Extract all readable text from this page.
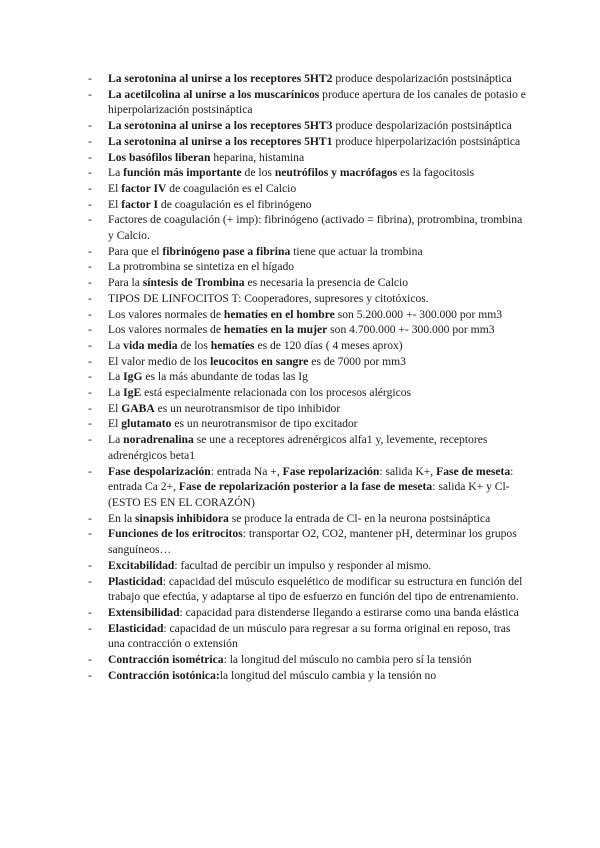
- La serotonina al unirse a los receptores 5HT2 produce despolarización postsináptica
- La acetilcolina al unirse a los muscarínicos produce apertura de los canales de potasio e hiperpolarización postsináptica
- La serotonina al unirse a los receptores 5HT3 produce despolarización postsináptica
- La serotonina al unirse a los receptores 5HT1 produce hiperpolarización postsináptica
- Los basófilos liberan heparina, histamina
- La función más importante de los neutrófilos y macrófagos es la fagocitosis
- El factor IV de coagulación es el Calcio
- El factor I de coagulación es el fibrinógeno
- Factores de coagulación (+ imp): fibrinógeno (activado = fibrina), protrombina, trombina y Calcio.
- Para que el fibrinógeno pase a fibrina tiene que actuar la trombina
- La protrombina se sintetiza en el hígado
- Para la síntesis de Trombina es necesaria la presencia de Calcio
- TIPOS DE LINFOCITOS T: Cooperadores, supresores y citotóxicos.
- Los valores normales de hematíes en el hombre son 5.200.000 +- 300.000 por mm3
- Los valores normales de hematíes en la mujer son 4.700.000 +- 300.000 por mm3
- La vida media de los hematíes es de 120 días ( 4 meses aprox)
- El valor medio de los leucocitos en sangre es de 7000 por mm3
- La IgG es la más abundante de todas las Ig
- La IgE está especialmente relacionada con los procesos alérgicos
- El GABA es un neurotransmisor de tipo inhibidor
- El glutamato es un neurotransmisor de tipo excitador
- La noradrenalina se une a receptores adrenérgicos alfa1 y, levemente, receptores adrenérgicos beta1
- Fase despolarización: entrada Na +, Fase repolarización: salida K+, Fase de meseta: entrada Ca 2+, Fase de repolarización posterior a la fase de meseta: salida K+ y Cl- (ESTO ES EN EL CORAZÓN)
- En la sinapsis inhibidora se produce la entrada de Cl- en la neurona postsináptica
- Funciones de los eritrocitos: transportar O2, CO2, mantener pH, determinar los grupos sanguíneos…
- Excitabilidad: facultad de percibir un impulso y responder al mismo.
- Plasticidad: capacidad del músculo esquelético de modificar su estructura en función del trabajo que efectúa, y adaptarse al tipo de esfuerzo en función del tipo de entrenamiento.
- Extensibilidad: capacidad para distenderse llegando a estirarse como una banda elástica
- Elasticidad: capacidad de un músculo para regresar a su forma original en reposo, tras una contracción o extensión
- Contracción isométrica: la longitud del músculo no cambia pero sí la tensión
- Contracción isotónica:la longitud del músculo cambia y la tensión no
